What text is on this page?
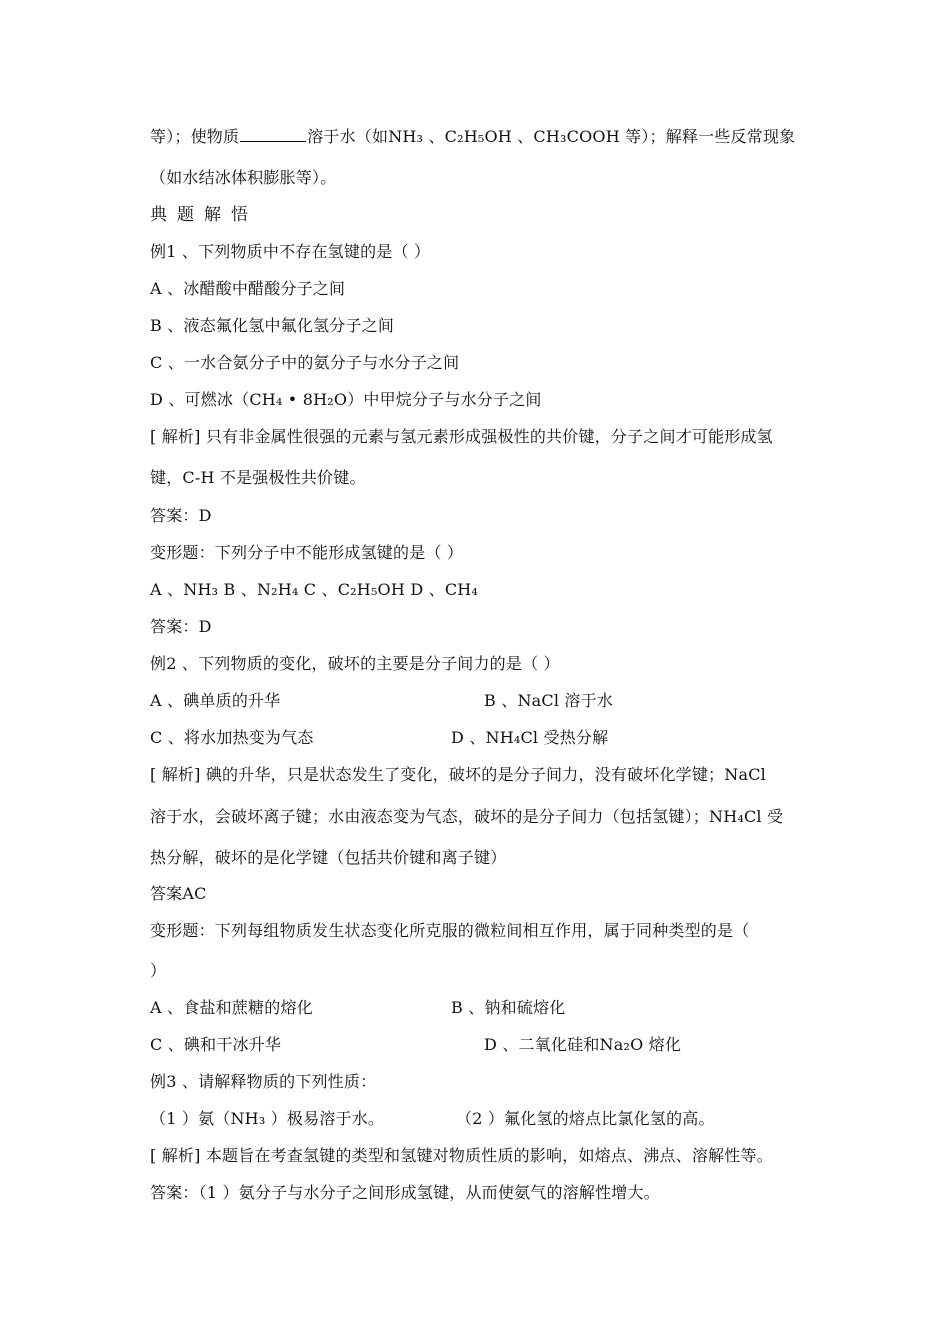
等）；使物质	溶于水（如NH₃ 、C₂H₅OH 、CH₃COOH 等）；解释一些反常现象
（如水结冰体积膨胀等）。
典题解悟
例1 、下列物质中不存在氢键的是（ ）
A 、冰醋酸中醋酸分子之间
B 、液态氟化氢中氟化氢分子之间
C 、一水合氨分子中的氨分子与水分子之间
D 、可燃冰（CH₄ • 8H₂O）中甲烷分子与水分子之间
[ 解析] 只有非金属性很强的元素与氢元素形成强极性的共价键，分子之间才可能形成氢
键，C-H 不是强极性共价键。
答案：D
变形题：下列分子中不能形成氢键的是（ ）
A 、NH₃ B 、N₂H₄ C 、C₂H₅OH D 、CH₄
答案：D
例2 、下列物质的变化，破坏的主要是分子间力的是（ ）
A 、碘单质的升华	B 、NaCl 溶于水
C 、将水加热变为气态	D 、NH₄Cl 受热分解
[ 解析] 碘的升华，只是状态发生了变化，破坏的是分子间力，没有破坏化学键；NaCl
溶于水，会破坏离子键；水由液态变为气态，破坏的是分子间力（包括氢键）；NH₄Cl 受
热分解，破坏的是化学键（包括共价键和离子键）
答案AC
变形题：下列每组物质发生状态变化所克服的微粒间相互作用，属于同种类型的是（
）
A 、食盐和蔗糖的熔化	B 、钠和硫熔化
C 、碘和干冰升华	D 、二氧化硅和Na₂O 熔化
例3 、请解释物质的下列性质：
（1 ）氨（NH₃ ）极易溶于水。	（2 ）氟化氢的熔点比氯化氢的高。
[ 解析] 本题旨在考查氢键的类型和氢键对物质性质的影响，如熔点、沸点、溶解性等。
答案：（1 ）氨分子与水分子之间形成氢键，从而使氨气的溶解性增大。
